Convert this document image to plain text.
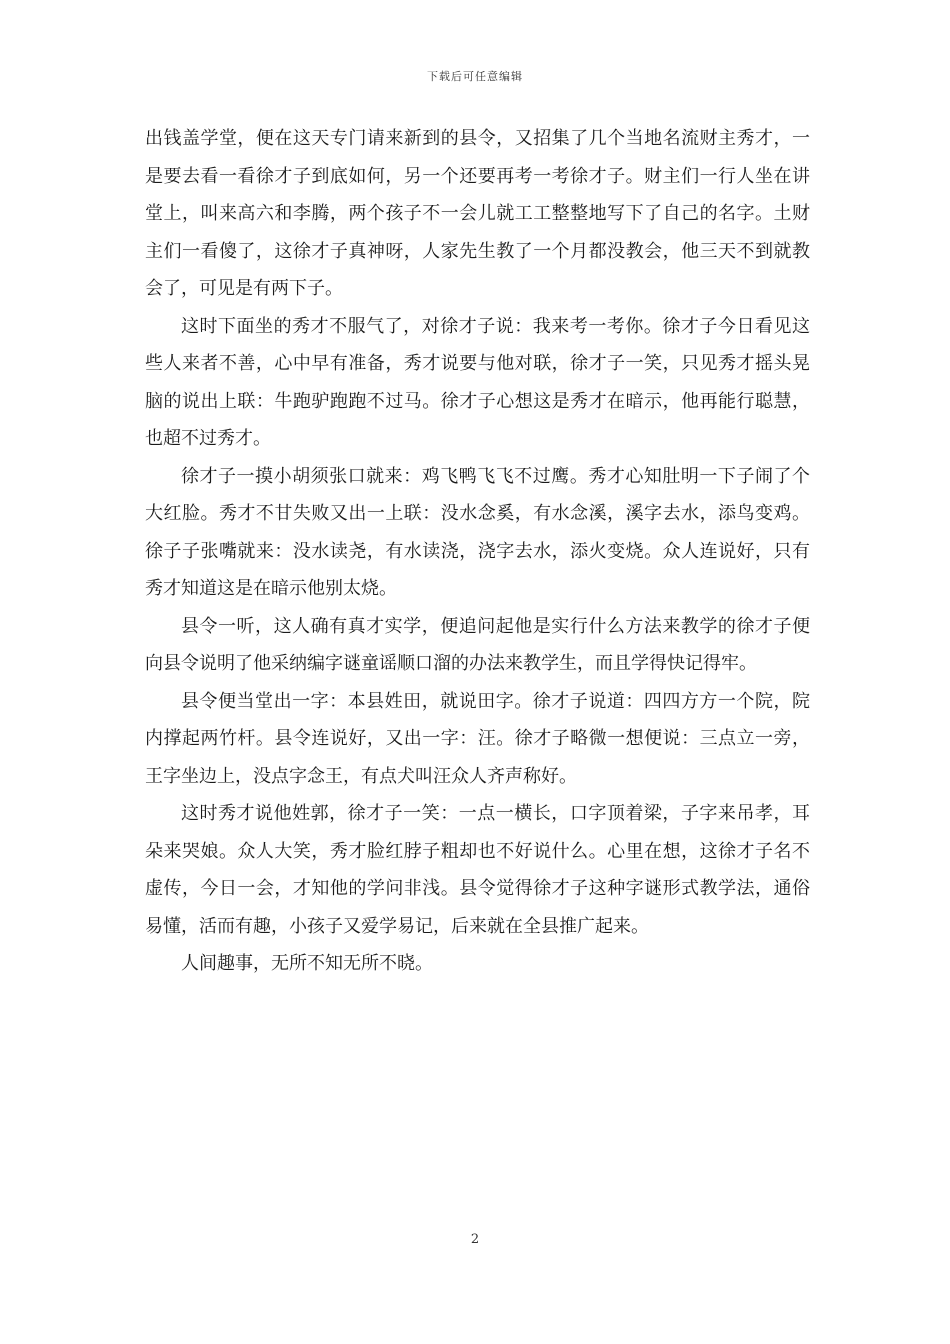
下载后可任意编辑

出钱盖学堂，便在这天专门请来新到的县令，又招集了几个当地名流财主秀才，一是要去看一看徐才子到底如何，另一个还要再考一考徐才子。财主们一行人坐在讲堂上，叫来高六和李腾，两个孩子不一会儿就工工整整地写下了自己的名字。土财主们一看傻了，这徐才子真神呀，人家先生教了一个月都没教会，他三天不到就教会了，可见是有两下子。

这时下面坐的秀才不服气了，对徐才子说：我来考一考你。徐才子今日看见这些人来者不善，心中早有准备，秀才说要与他对联，徐才子一笑，只见秀才摇头晃脑的说出上联：牛跑驴跑跑不过马。徐才子心想这是秀才在暗示，他再能行聪慧，也超不过秀才。

徐才子一摸小胡须张口就来：鸡飞鸭飞飞不过鹰。秀才心知肚明一下子闹了个大红脸。秀才不甘失败又出一上联：没水念奚，有水念溪，溪字去水，添鸟变鸡。徐子子张嘴就来：没水读尧，有水读浇，浇字去水，添火变烧。众人连说好，只有秀才知道这是在暗示他别太烧。

县令一听，这人确有真才实学，便追问起他是实行什么方法来教学的徐才子便向县令说明了他采纳编字谜童谣顺口溜的办法来教学生，而且学得快记得牢。

县令便当堂出一字：本县姓田，就说田字。徐才子说道：四四方方一个院，院内撑起两竹杆。县令连说好，又出一字：汪。徐才子略微一想便说：三点立一旁，王字坐边上，没点字念王，有点犬叫汪众人齐声称好。

这时秀才说他姓郭，徐才子一笑：一点一横长，口字顶着梁，子字来吊孝，耳朵来哭娘。众人大笑，秀才脸红脖子粗却也不好说什么。心里在想，这徐才子名不虚传，今日一会，才知他的学问非浅。县令觉得徐才子这种字谜形式教学法，通俗易懂，活而有趣，小孩子又爱学易记，后来就在全县推广起来。

人间趣事，无所不知无所不晓。

2
